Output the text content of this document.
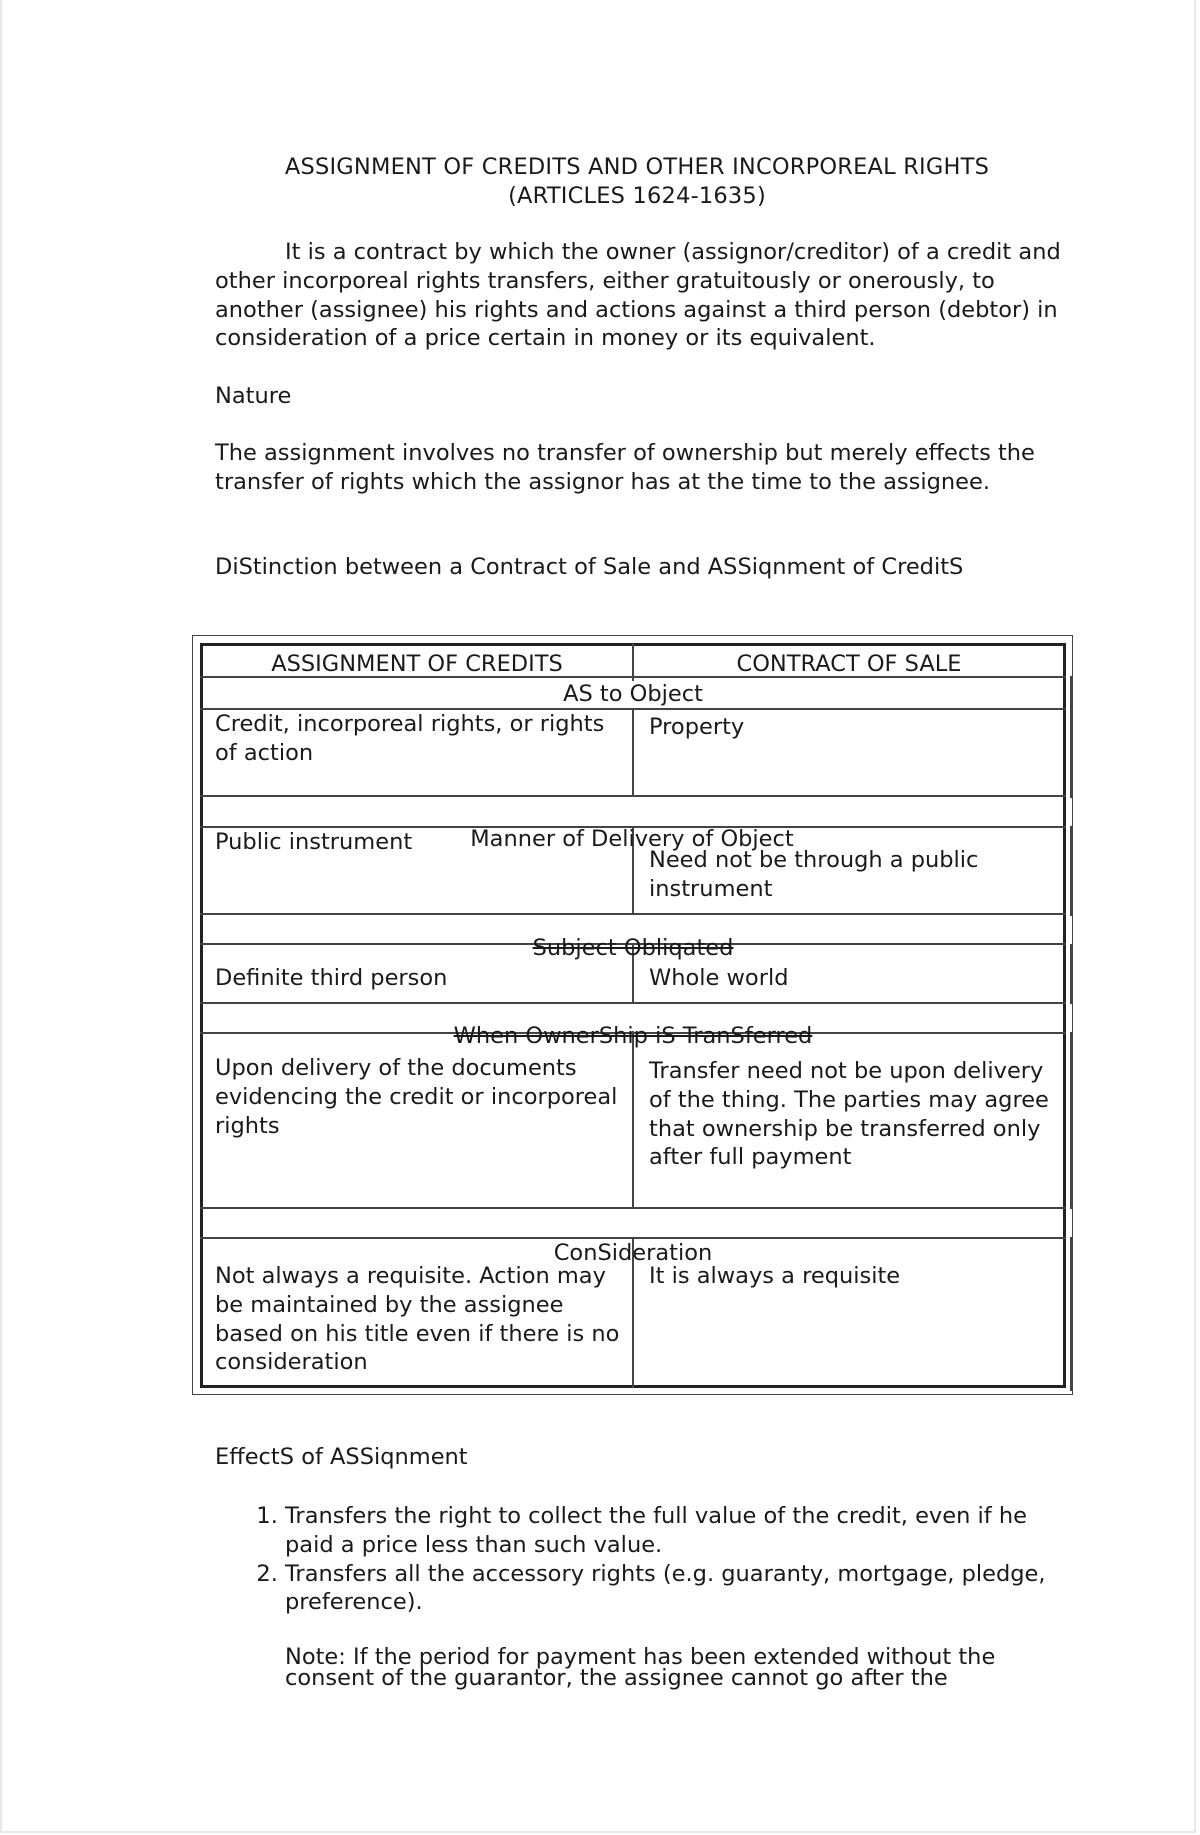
ASSIGNMENT OF CREDITS AND OTHER INCORPOREAL RIGHTS
(ARTICLES 1624-1635)

It is a contract by which the owner (assignor/creditor) of a credit and other incorporeal rights transfers, either gratuitously or onerously, to another (assignee) his rights and actions against a third person (debtor) in consideration of a price certain in money or its equivalent.

Nature

The assignment involves no transfer of ownership but merely effects the transfer of rights which the assignor has at the time to the assignee.

DiStinction between a Contract of Sale and ASSiqnment of CreditS
ASSIGNMENT OF CREDITS	CONTRACT OF SALE
AS to Object
Credit, incorporeal rights, or rights of action
Property
Manner of Delivery of Object
Public instrument
Need not be through a public instrument
Subject Obliqated
Definite third person	Whole world
When OwnerShip iS TranSferred
Upon delivery of the documents evidencing the credit or incorporeal rights
Transfer need not be upon delivery of the thing. The parties may agree that ownership be transferred only after full payment
ConSideration
Not always a requisite. Action may be maintained by the assignee based on his title even if there is no consideration
It is always a requisite
EffectS of ASSiqnment
1. Transfers the right to collect the full value of the credit, even if he paid a price less than such value.
2. Transfers all the accessory rights (e.g. guaranty, mortgage, pledge, preference).
Note: If the period for payment has been extended without the consent of the guarantor, the assignee cannot go after the
